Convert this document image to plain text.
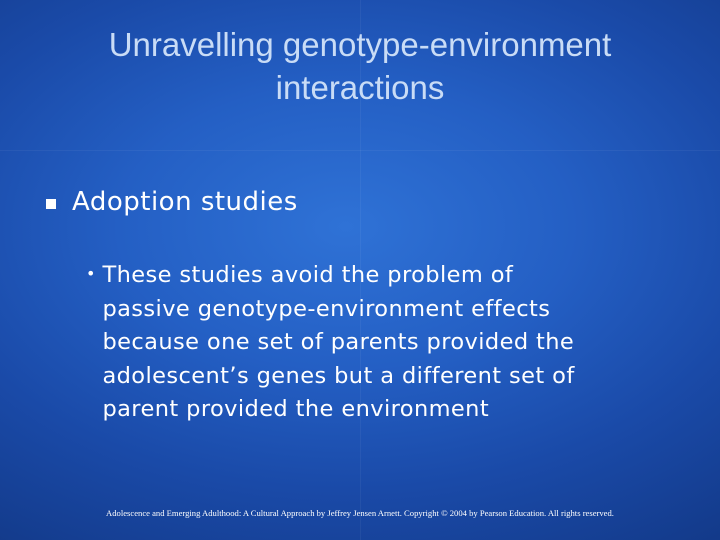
Unravelling genotype-environment
interactions
Adoption studies
• These studies avoid the problem of
passive genotype-environment effects
because one set of parents provided the
adolescent’s genes but a different set of
parent provided the environment
Adolescence and Emerging Adulthood: A Cultural Approach by Jeffrey Jensen Arnett. Copyright © 2004 by Pearson Education. All rights reserved.
